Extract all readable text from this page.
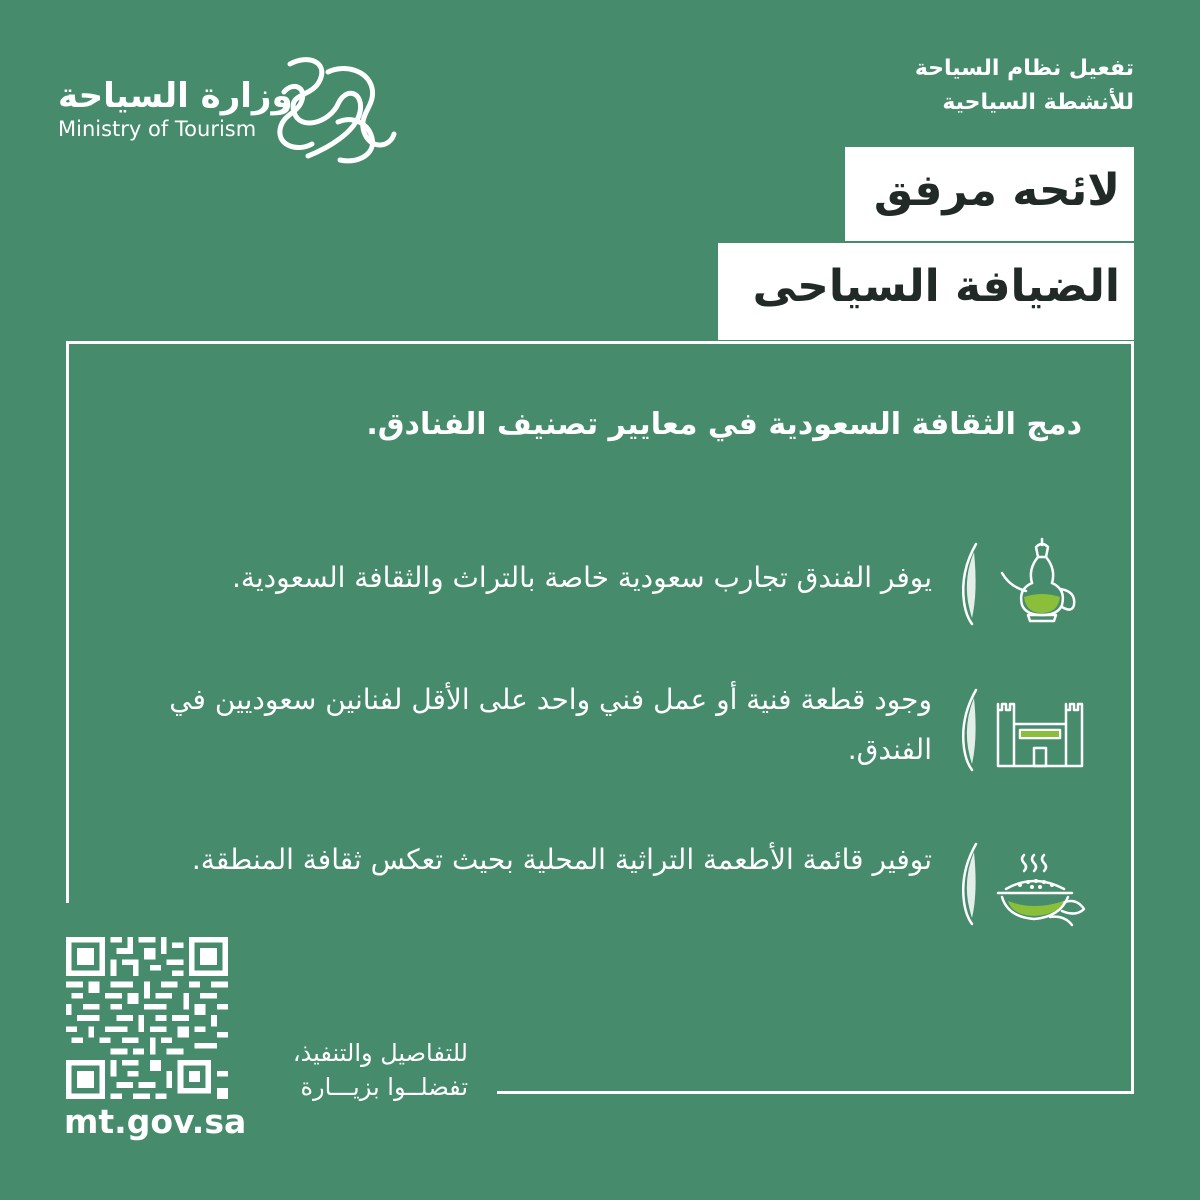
وزارة السياحة
Ministry of Tourism
تفعيل نظام السياحة
للأنشطة السياحية
لائحه مرفق
الضيافة السياحى
دمج الثقافة السعودية في معايير تصنيف الفنادق.
يوفر الفندق تجارب سعودية خاصة بالتراث والثقافة السعودية.
وجود قطعة فنية أو عمل فني واحد على الأقل لفنانين سعوديين في الفندق.
توفير قائمة الأطعمة التراثية المحلية بحيث تعكس ثقافة المنطقة.
للتفاصيل والتنفيذ،
تفضلــوا بزيـــارة
mt.gov.sa
